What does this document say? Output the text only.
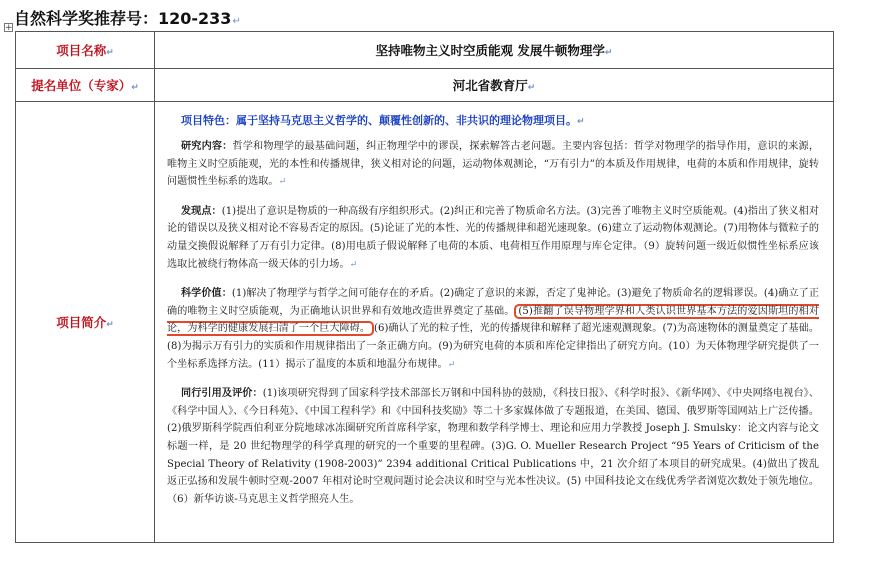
自然科学奖推荐号：120-233↵
+
项目名称↵	坚持唯物主义时空质能观 发展牛顿物理学↵
提名单位（专家）↵	河北省教育厅↵
项目简介↵	项目特色：属于坚持马克思主义哲学的、颠覆性创新的、非共识的理论物理项目。↵

研究内容：哲学和物理学的最基础问题，纠正物理学中的谬误，探索解答古老问题。主要内容包括：哲学对物理学的指导作用，意识的来源，唯物主义时空质能观，光的本性和传播规律，狭义相对论的问题，运动物体观测论，“万有引力”的本质及作用规律，电荷的本质和作用规律，旋转问题惯性坐标系的选取。↵

发现点：(1)提出了意识是物质的一种高级有序组织形式。(2)纠正和完善了物质命名方法。(3)完善了唯物主义时空质能观。(4)指出了狭义相对论的错误以及狭义相对论不容易否定的原因。(5)论证了光的本性、光的传播规律和超光速现象。(6)建立了运动物体观测论。(7)用物体与微粒子的动量交换假说解释了万有引力定律。(8)用电质子假说解释了电荷的本质、电荷相互作用原理与库仑定律。（9）旋转问题一级近似惯性坐标系应该选取比被绕行物体高一级天体的引力场。↵

科学价值：(1)解决了物理学与哲学之间可能存在的矛盾。(2)确定了意识的来源，否定了鬼神论。(3)避免了物质命名的逻辑谬误。(4)确立了正确的唯物主义时空质能观，为正确地认识世界和有效地改造世界奠定了基础。 (5)推翻了误导物理学界和人类认识世界基本方法的爱因斯坦的相对论，为科学的健康发展扫清了一个巨大障碍。 (6)确认了光的粒子性，光的传播规律和解释了超光速观测现象。(7)为高速物体的测量奠定了基础。(8)为揭示万有引力的实质和作用规律指出了一条正确方向。(9)为研究电荷的本质和库伦定律指出了研究方向。(10）为天体物理学研究提供了一个坐标系选择方法。(11）揭示了温度的本质和地温分布规律。↵

同行引用及评价：(1)该项研究得到了国家科学技术部部长万钢和中国科协的鼓励，《科技日报》、《科学时报》、《新华网》、《中央网络电视台》、《科学中国人》、《今日科苑》、《中国工程科学》和《中国科技奖励》等二十多家媒体做了专题报道，在美国、德国、俄罗斯等国网站上广泛传播。(2)俄罗斯科学院西伯利亚分院地球冰冻圈研究所首席科学家，物理和数学科学博士、理论和应用力学教授 Joseph J. Smulsky：论文内容与论文标题一样，是 20 世纪物理学的科学真理的研究的一个重要的里程碑。(3)G. O. Mueller Research Project “95 Years of Criticism of the Special Theory of Relativity (1908-2003)” 2394 additional Critical Publications 中，21 次介绍了本项目的研究成果。(4)做出了拨乱返正弘扬和发展牛顿时空观-2007 年相对论时空观问题讨论会决议和时空与光本性决议。(5) 中国科技论文在线优秀学者浏览次数处于领先地位。（6）新华访谈-马克思主义哲学照亮人生。
